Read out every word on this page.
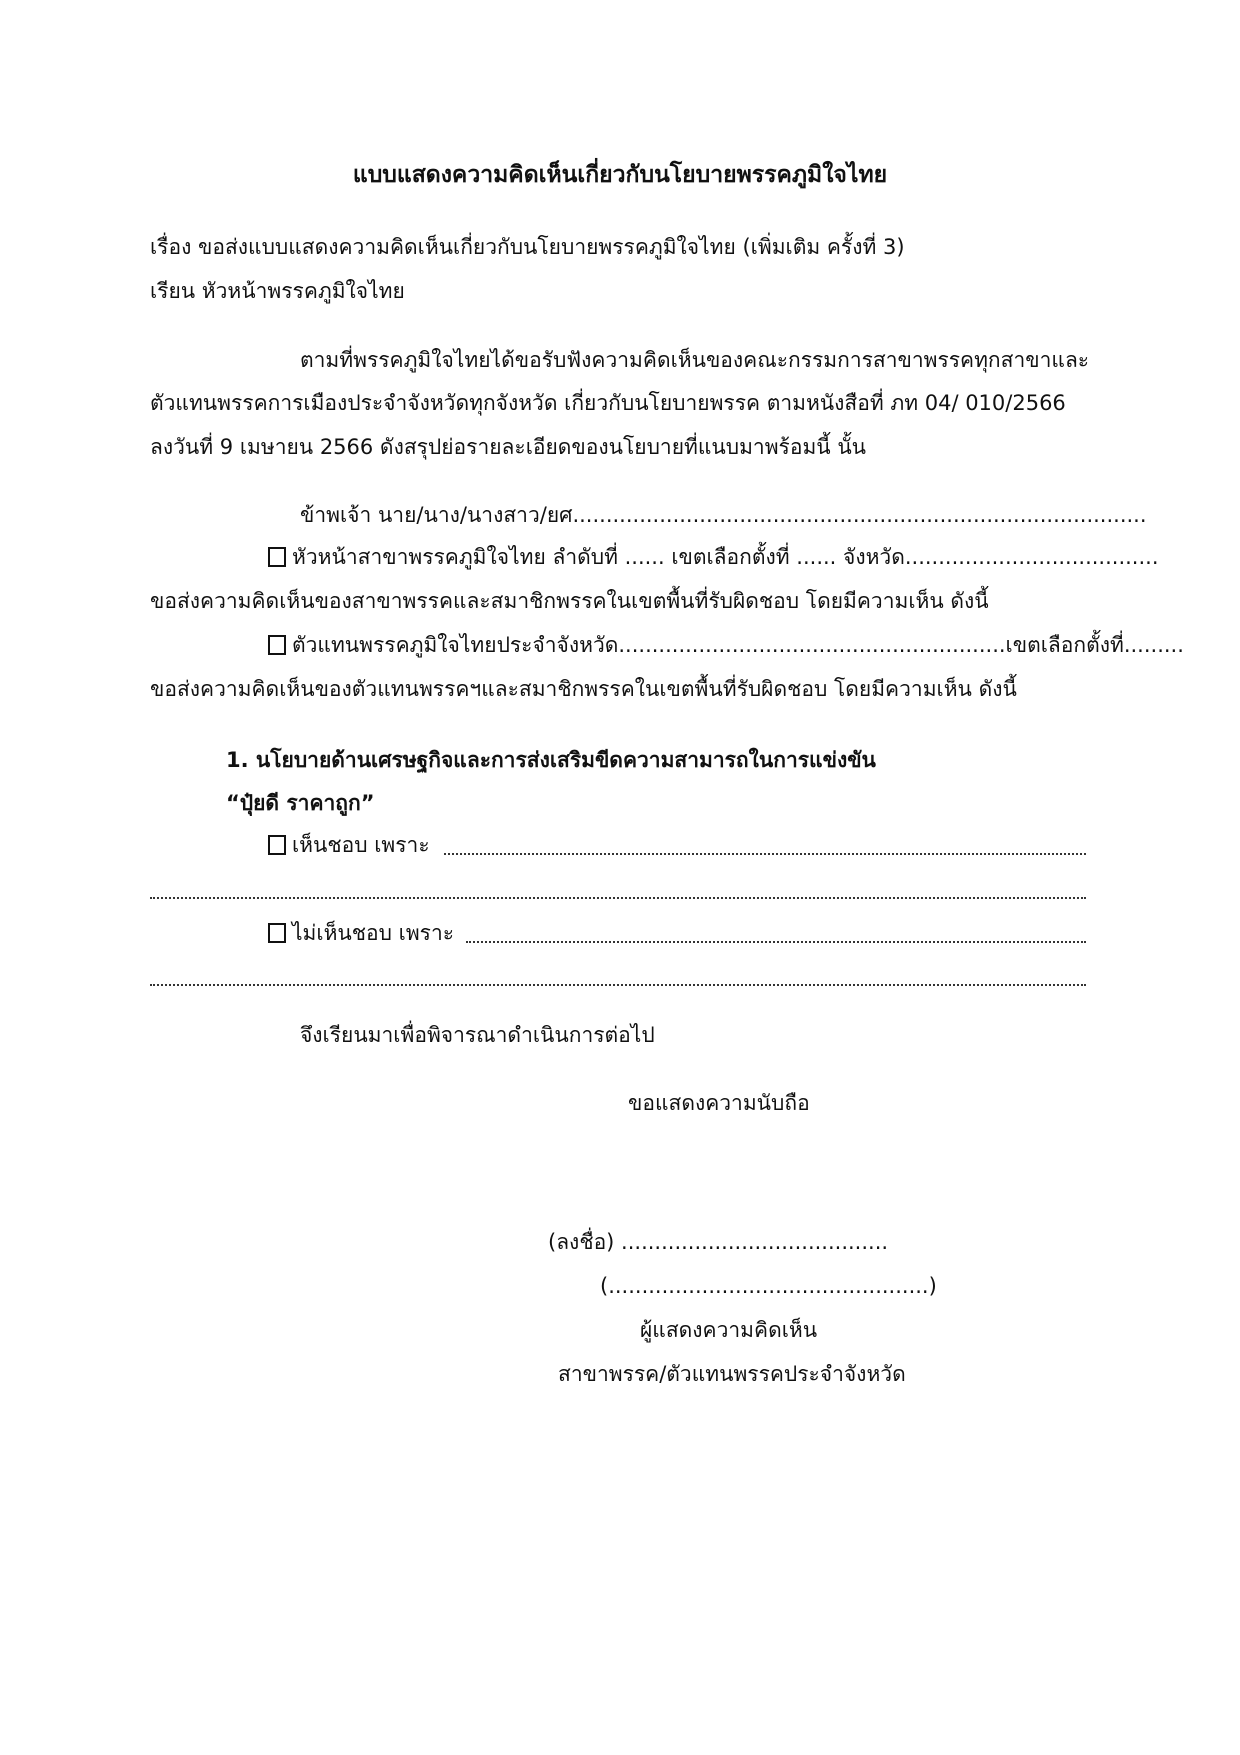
แบบแสดงความคิดเห็นเกี่ยวกับนโยบายพรรคภูมิใจไทย
เรื่อง ขอส่งแบบแสดงความคิดเห็นเกี่ยวกับนโยบายพรรคภูมิใจไทย (เพิ่มเติม ครั้งที่ 3)
เรียน หัวหน้าพรรคภูมิใจไทย
ตามที่พรรคภูมิใจไทยได้ขอรับฟังความคิดเห็นของคณะกรรมการสาขาพรรคทุกสาขาและ
ตัวแทนพรรคการเมืองประจำจังหวัดทุกจังหวัด เกี่ยวกับนโยบายพรรค ตามหนังสือที่ ภท 04/ 010/2566
ลงวันที่ 9 เมษายน 2566 ดังสรุปย่อรายละเอียดของนโยบายที่แนบมาพร้อมนี้ นั้น
ข้าพเจ้า นาย/นาง/นางสาว/ยศ......................................................................................
หัวหน้าสาขาพรรคภูมิใจไทย ลำดับที่ ...... เขตเลือกตั้งที่ ...... จังหวัด......................................
ขอส่งความคิดเห็นของสาขาพรรคและสมาชิกพรรคในเขตพื้นที่รับผิดชอบ โดยมีความเห็น ดังนี้
ตัวแทนพรรคภูมิใจไทยประจำจังหวัด..........................................................เขตเลือกตั้งที่.........
ขอส่งความคิดเห็นของตัวแทนพรรคฯและสมาชิกพรรคในเขตพื้นที่รับผิดชอบ โดยมีความเห็น ดังนี้
1. นโยบายด้านเศรษฐกิจและการส่งเสริมขีดความสามารถในการแข่งขัน
“ปุ๋ยดี ราคาถูก”
เห็นชอบ เพราะ
ไม่เห็นชอบ เพราะ
จึงเรียนมาเพื่อพิจารณาดำเนินการต่อไป
ขอแสดงความนับถือ
(ลงชื่อ) ........................................
(................................................)
ผู้แสดงความคิดเห็น
สาขาพรรค/ตัวแทนพรรคประจำจังหวัด
